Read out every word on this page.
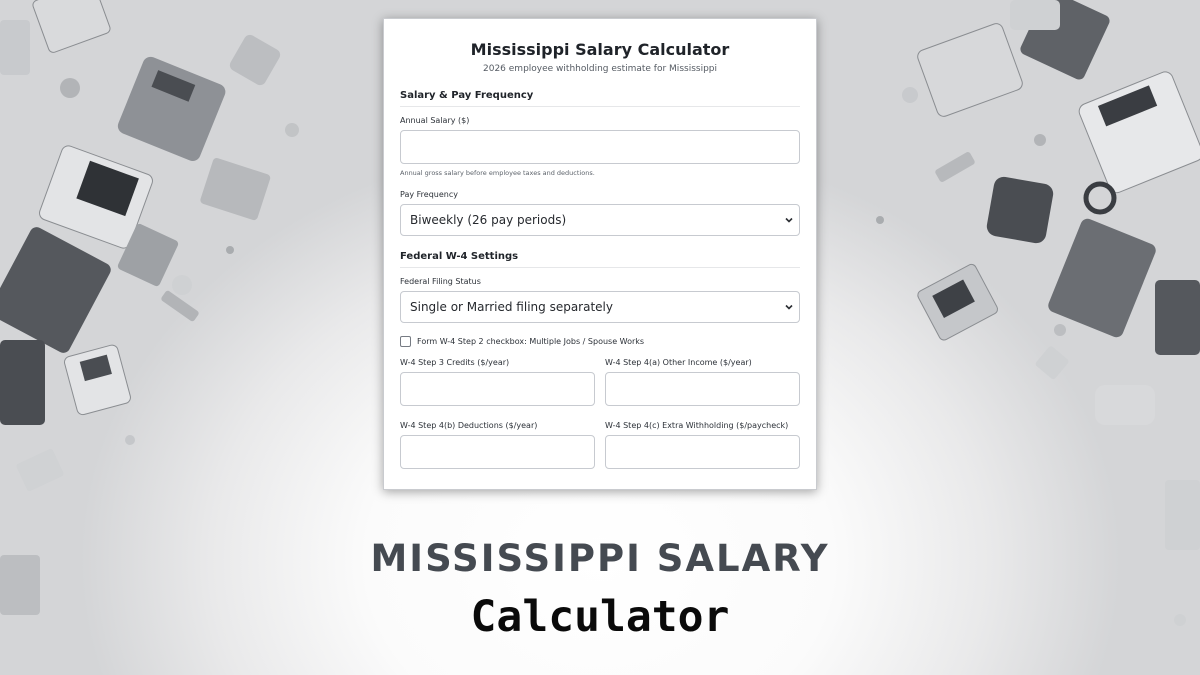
Mississippi Salary Calculator
2026 employee withholding estimate for Mississippi
Salary & Pay Frequency
Annual Salary ($)
Annual gross salary before employee taxes and deductions.
Pay Frequency
Biweekly (26 pay periods)
Federal W-4 Settings
Federal Filing Status
Single or Married filing separately
Form W-4 Step 2 checkbox: Multiple Jobs / Spouse Works
W-4 Step 3 Credits ($/year)	W-4 Step 4(a) Other Income ($/year)
W-4 Step 4(b) Deductions ($/year)	W-4 Step 4(c) Extra Withholding ($/paycheck)
MISSISSIPPI SALARY
Calculator
